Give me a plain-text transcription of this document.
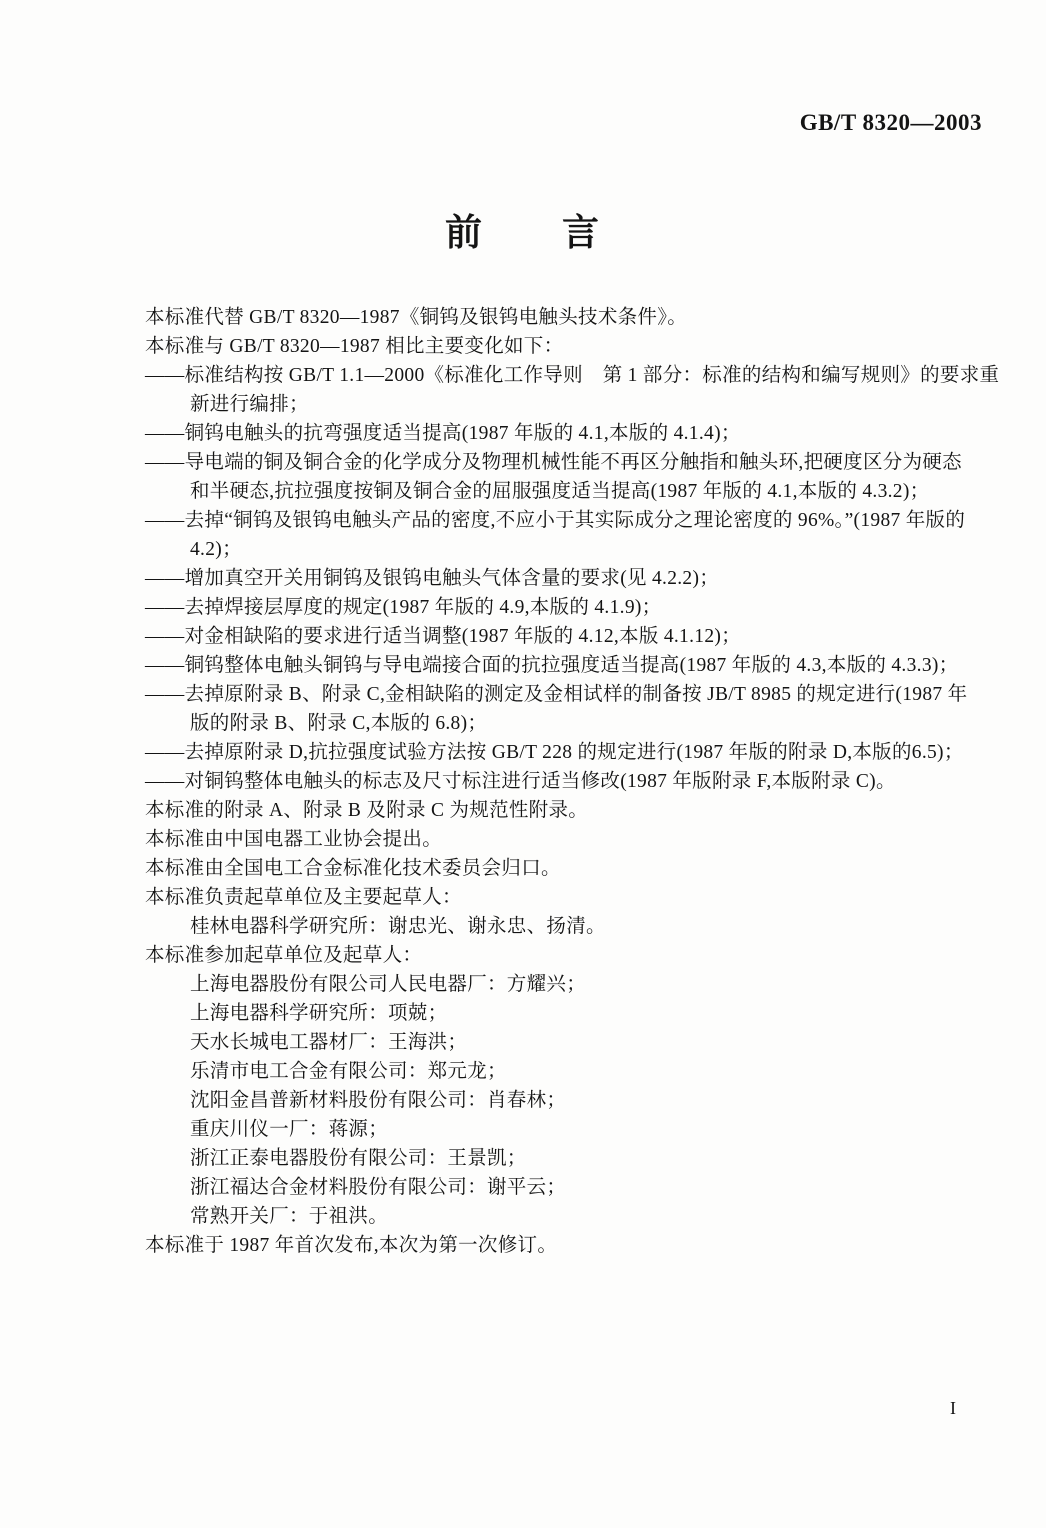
GB/T 8320—2003
前　　言
本标准代替 GB/T 8320—1987《铜钨及银钨电触头技术条件》。
本标准与 GB/T 8320—1987 相比主要变化如下：
——标准结构按 GB/T 1.1—2000《标准化工作导则　第 1 部分：标准的结构和编写规则》的要求重
新进行编排；
——铜钨电触头的抗弯强度适当提高(1987 年版的 4.1,本版的 4.1.4)；
——导电端的铜及铜合金的化学成分及物理机械性能不再区分触指和触头环,把硬度区分为硬态
和半硬态,抗拉强度按铜及铜合金的屈服强度适当提高(1987 年版的 4.1,本版的 4.3.2)；
——去掉“铜钨及银钨电触头产品的密度,不应小于其实际成分之理论密度的 96%。”(1987 年版的
4.2)；
——增加真空开关用铜钨及银钨电触头气体含量的要求(见 4.2.2)；
——去掉焊接层厚度的规定(1987 年版的 4.9,本版的 4.1.9)；
——对金相缺陷的要求进行适当调整(1987 年版的 4.12,本版 4.1.12)；
——铜钨整体电触头铜钨与导电端接合面的抗拉强度适当提高(1987 年版的 4.3,本版的 4.3.3)；
——去掉原附录 B、附录 C,金相缺陷的测定及金相试样的制备按 JB/T 8985 的规定进行(1987 年
版的附录 B、附录 C,本版的 6.8)；
——去掉原附录 D,抗拉强度试验方法按 GB/T 228 的规定进行(1987 年版的附录 D,本版的6.5)；
——对铜钨整体电触头的标志及尺寸标注进行适当修改(1987 年版附录 F,本版附录 C)。
本标准的附录 A、附录 B 及附录 C 为规范性附录。
本标准由中国电器工业协会提出。
本标准由全国电工合金标准化技术委员会归口。
本标准负责起草单位及主要起草人：
桂林电器科学研究所：谢忠光、谢永忠、扬清。
本标准参加起草单位及起草人：
上海电器股份有限公司人民电器厂：方耀兴；
上海电器科学研究所：项兢；
天水长城电工器材厂：王海洪；
乐清市电工合金有限公司：郑元龙；
沈阳金昌普新材料股份有限公司：肖春林；
重庆川仪一厂：蒋源；
浙江正泰电器股份有限公司：王景凯；
浙江福达合金材料股份有限公司：谢平云；
常熟开关厂：于祖洪。
本标准于 1987 年首次发布,本次为第一次修订。
I
